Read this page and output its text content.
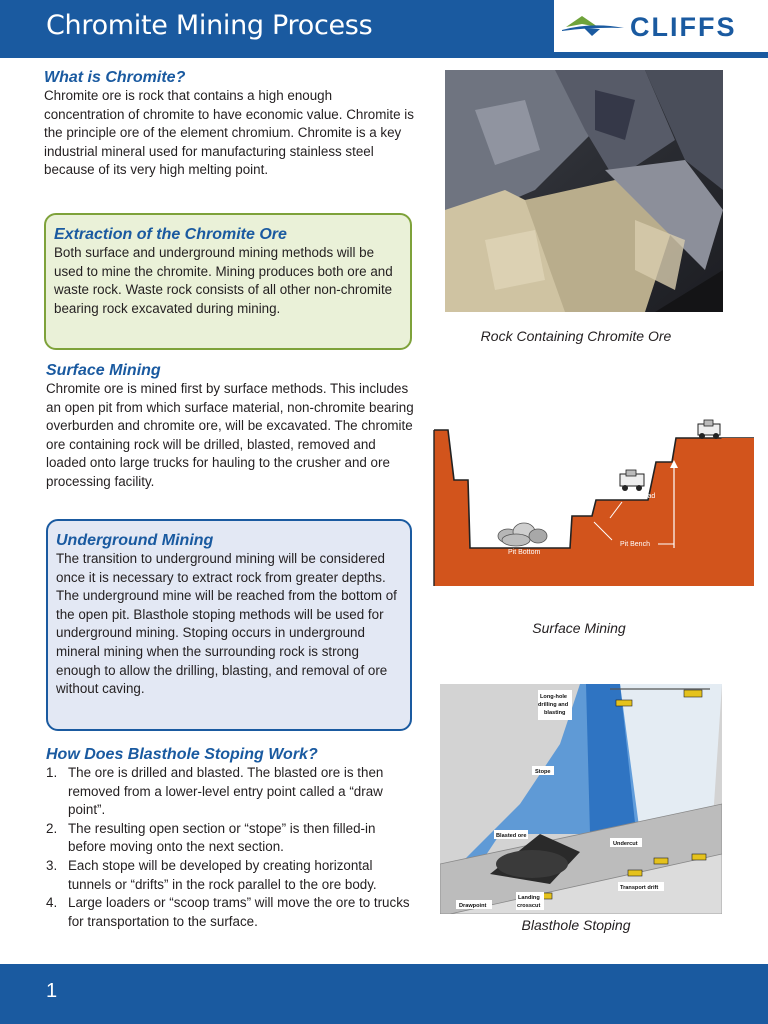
Chromite Mining Process	CLIFFS
What is Chromite?

Chromite ore is rock that contains a high enough concentration of chromite to have economic value. Chromite is the principle ore of the element chromium. Chromite is a key industrial mineral used for manufacturing stainless steel because of its very high melting point.

Extraction of the Chromite Ore

Both surface and underground mining methods will be used to mine the chromite. Mining produces both ore and waste rock. Waste rock consists of all other non-chromite bearing rock excavated during mining.

Surface Mining

Chromite ore is mined first by surface methods. This includes an open pit from which surface material, non-chromite bearing overburden and chromite ore, will be excavated. The chromite ore containing rock will be drilled, blasted, removed and loaded onto large trucks for hauling to the crusher and ore processing facility.

Underground Mining

The transition to underground mining will be considered once it is necessary to extract rock from greater depths. The underground mine will be reached from the bottom of the open pit. Blasthole stoping methods will be used for underground mining. Stoping occurs in underground mineral mining when the surrounding rock is strong enough to allow the drilling, blasting, and removal of ore without caving.

How Does Blasthole Stoping Work?
1. The ore is drilled and blasted. The blasted ore is then removed from a lower-level entry point called a “draw point”.
2. The resulting open section or “stope” is then filled-in before moving onto the next section.
3. Each stope will be developed by creating horizontal tunnels or “drifts” in the rock parallel to the ore body.
4. Large loaders or “scoop trams” will move the ore to trucks for transportation to the surface.
Rock Containing Chromite Ore
Access Road
Pit Bench
Pit Bottom
Surface Mining
Long-hole
drilling and
blasting
Stope
Blasted ore
Undercut
Transport drift
Landing
crosscut
Drawpoint
Blasthole Stoping
1
